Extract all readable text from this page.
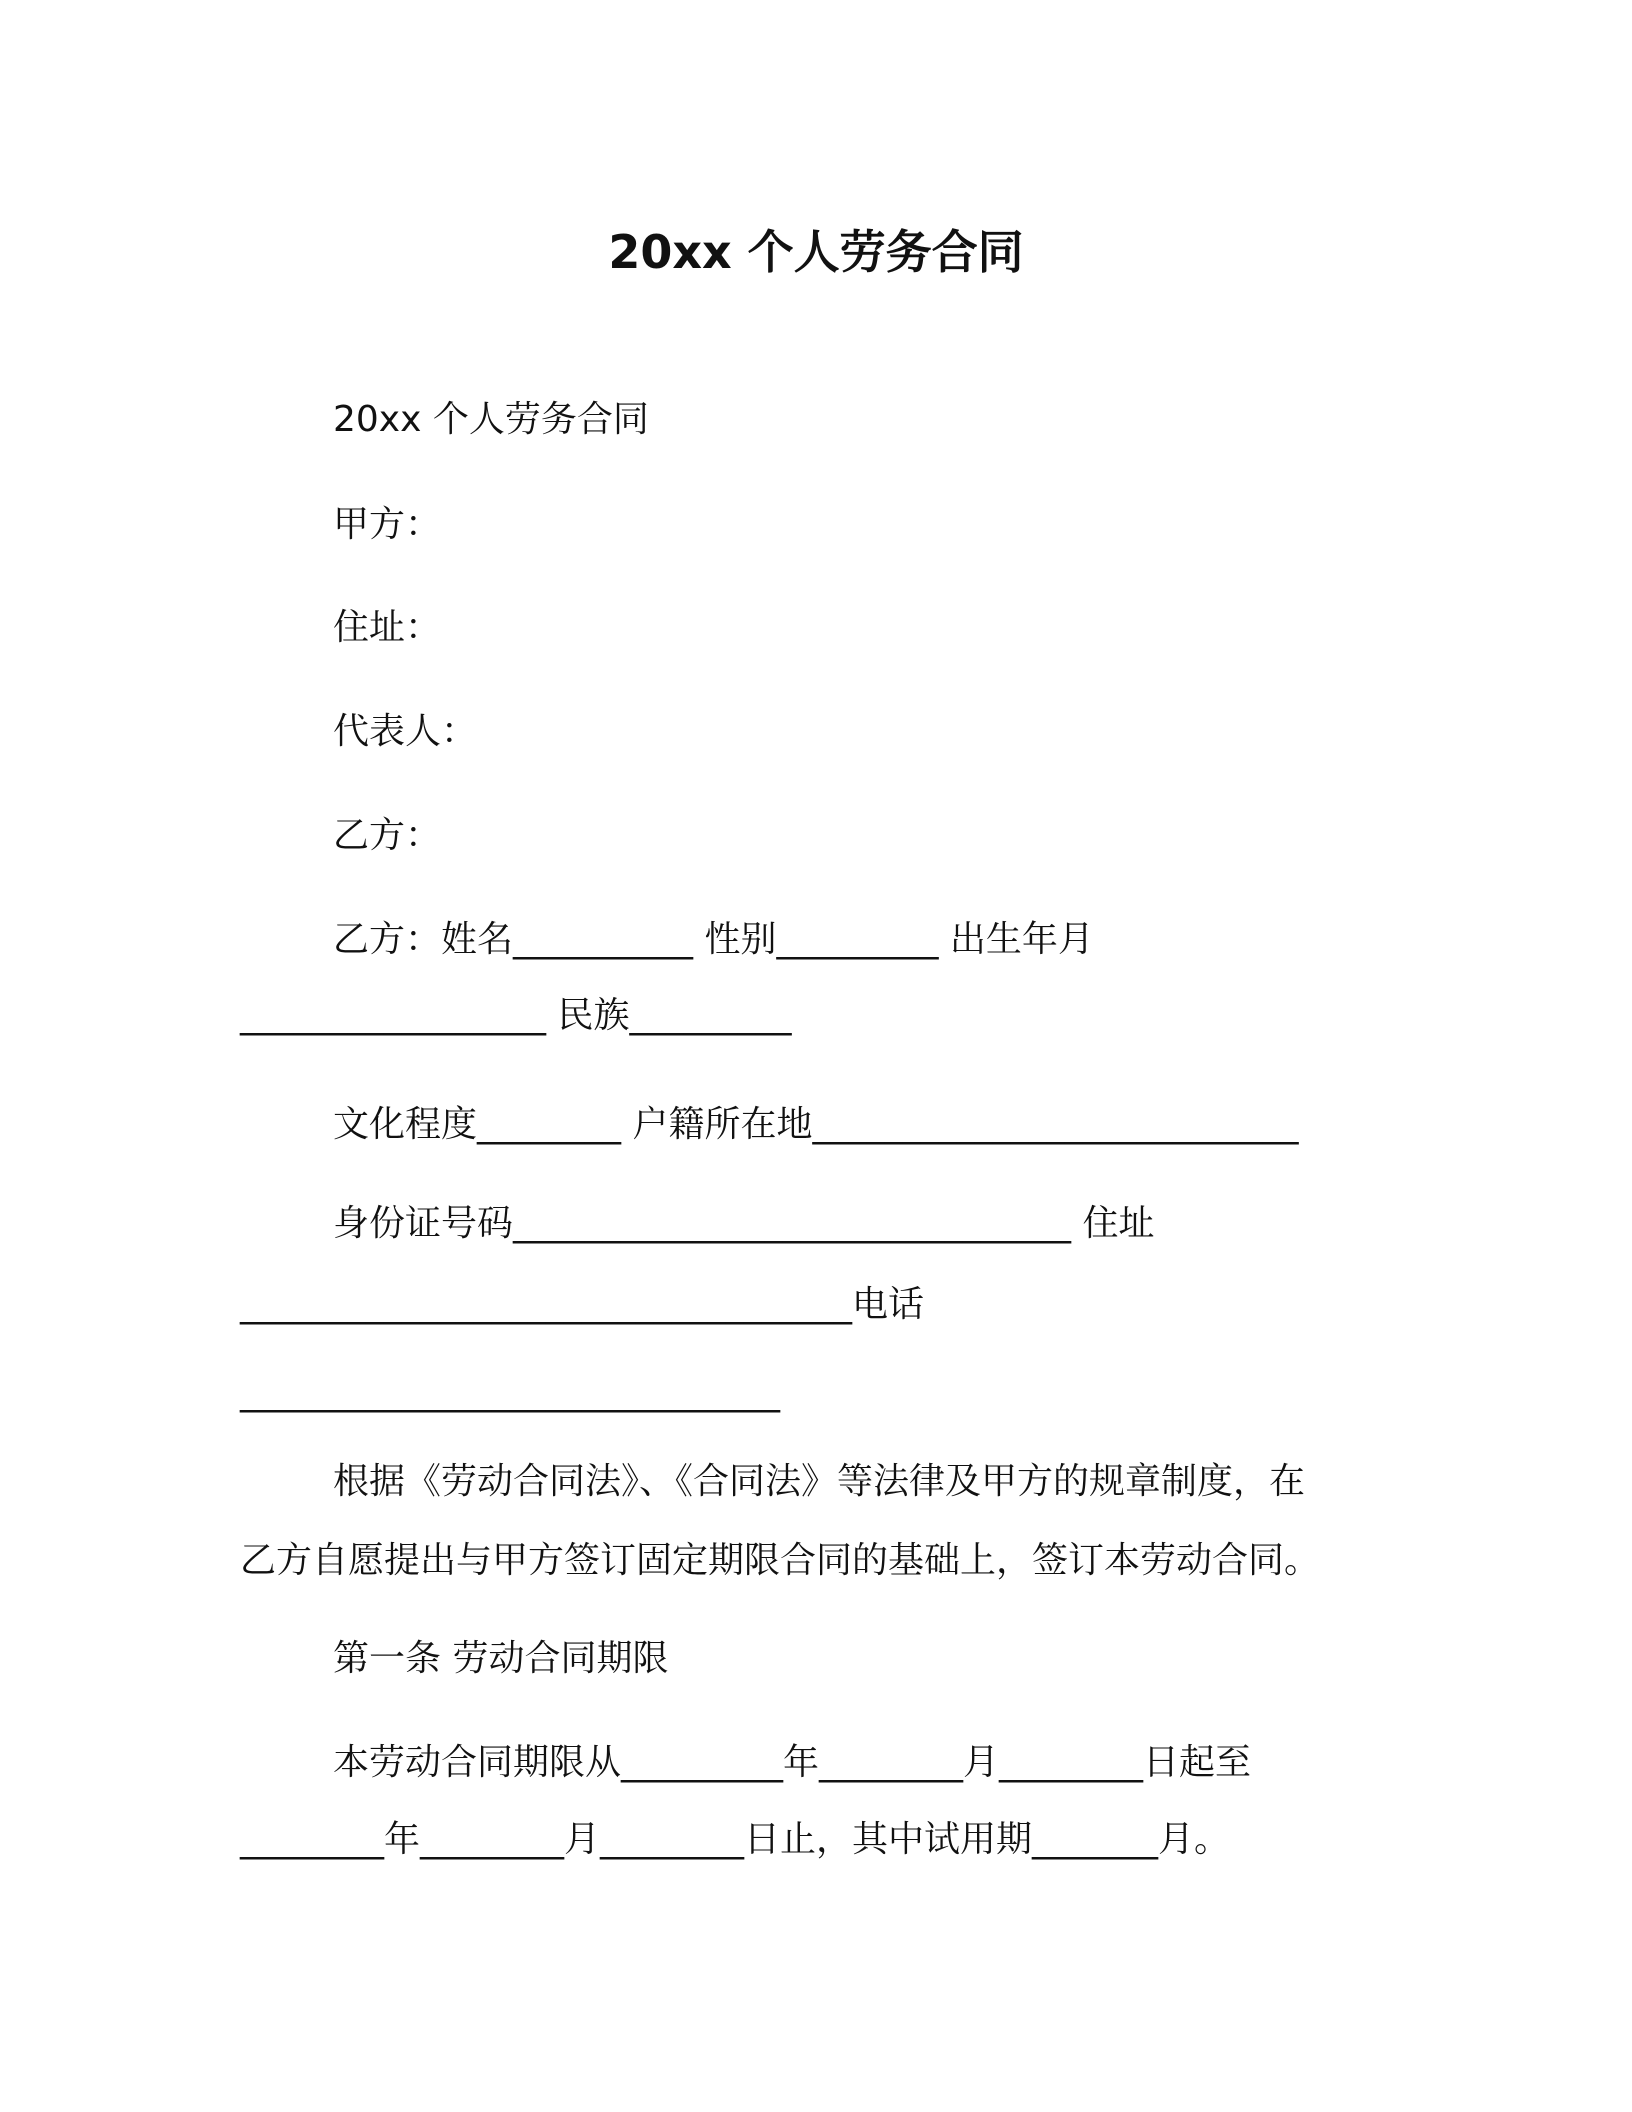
20xx 个人劳务合同
20xx 个人劳务合同
甲方：
住址：
代表人：
乙方：
乙方：姓名__________ 性别_________ 出生年月
_________________ 民族_________
文化程度________ 户籍所在地___________________________
身份证号码_______________________________ 住址
__________________________________电话
______________________________
根据《劳动合同法》、《合同法》等法律及甲方的规章制度，在
乙方自愿提出与甲方签订固定期限合同的基础上，签订本劳动合同。
第一条 劳动合同期限
本劳动合同期限从_________年________月________日起至
________年________月________日止，其中试用期_______月。
